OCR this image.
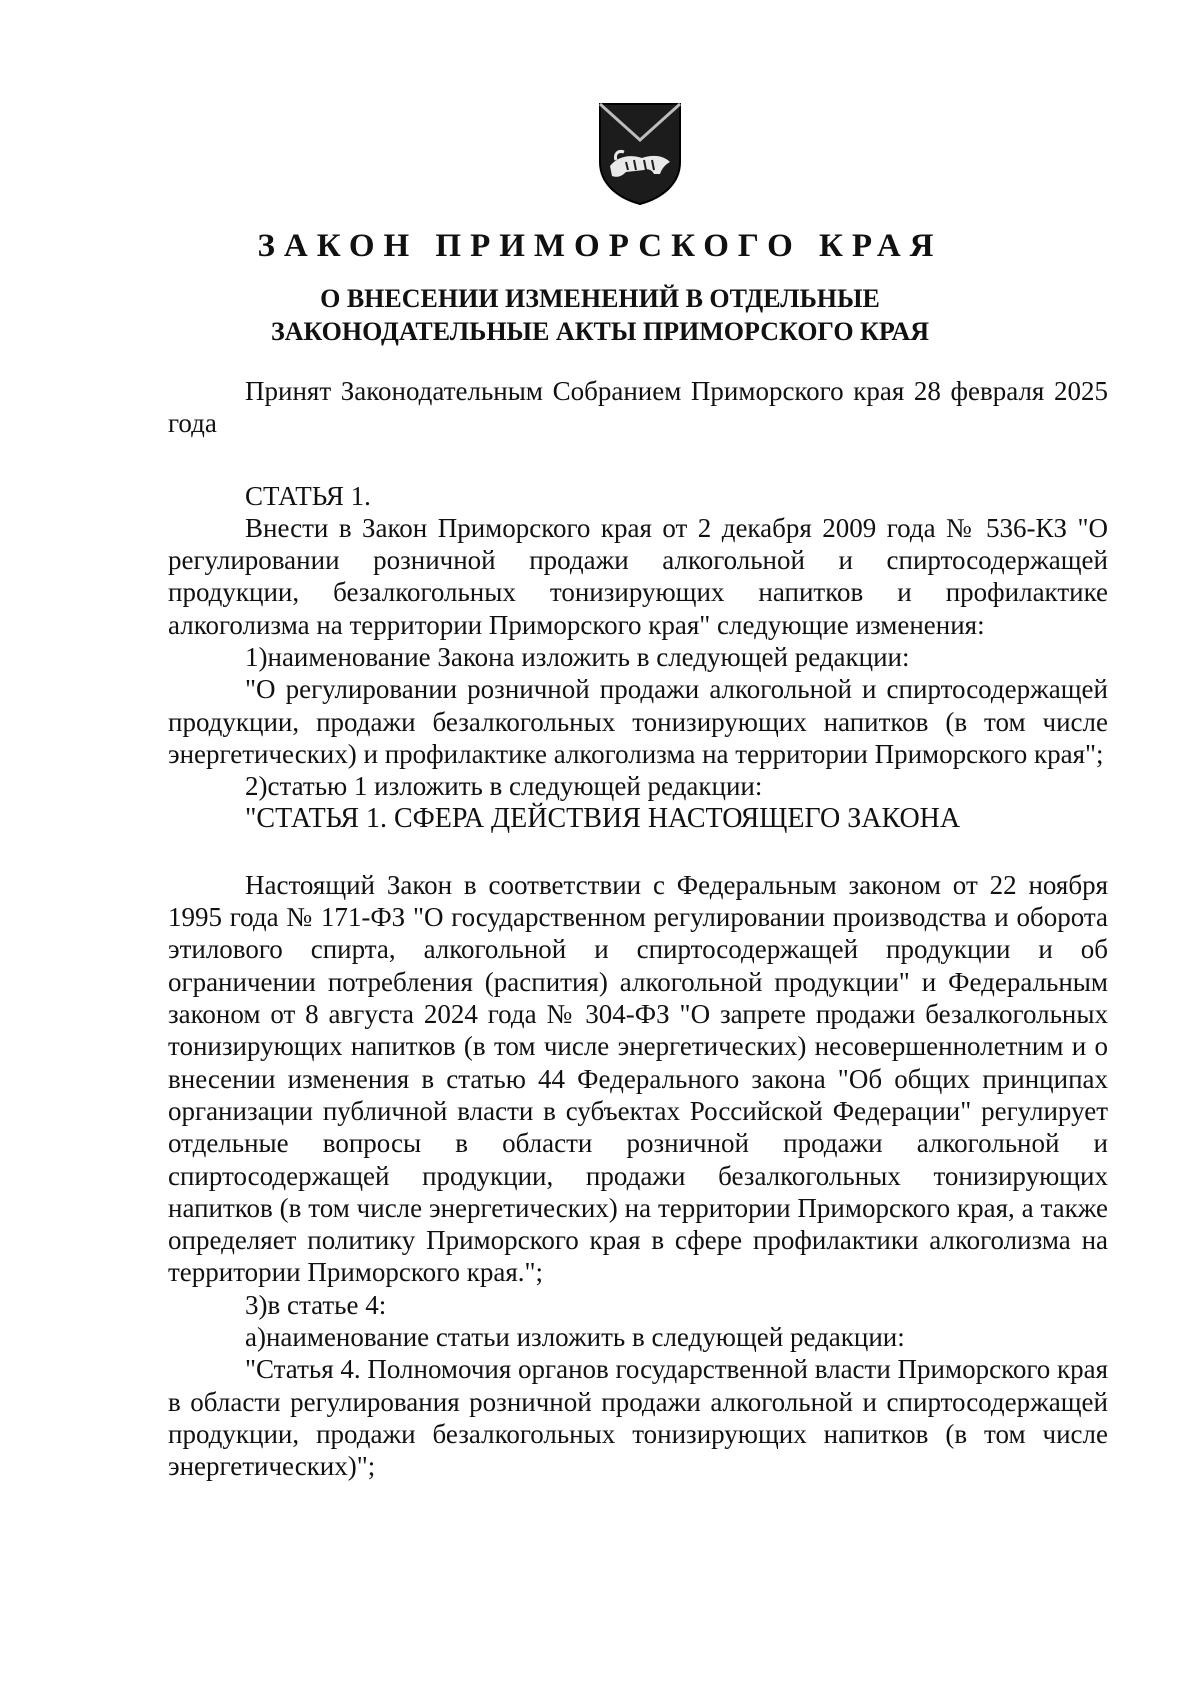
ЗАКОН ПРИМОРСКОГО КРАЯ
О ВНЕСЕНИИ ИЗМЕНЕНИЙ В ОТДЕЛЬНЫЕ
ЗАКОНОДАТЕЛЬНЫЕ АКТЫ ПРИМОРСКОГО КРАЯ

Принят Законодательным Собранием Приморского края 28 февраля 2025 года

СТАТЬЯ 1.

Внести в Закон Приморского края от 2 декабря 2009 года № 536-КЗ "О регулировании розничной продажи алкогольной и спиртосодержащей продукции, безалкогольных тонизирующих напитков и профилактике алкоголизма на территории Приморского края" следующие изменения:

1)наименование Закона изложить в следующей редакции:

"О регулировании розничной продажи алкогольной и спиртосодержащей продукции, продажи безалкогольных тонизирующих напитков (в том числе энергетических) и профилактике алкоголизма на территории Приморского края";

2)статью 1 изложить в следующей редакции:

"СТАТЬЯ 1. СФЕРА ДЕЙСТВИЯ НАСТОЯЩЕГО ЗАКОНА

Настоящий Закон в соответствии с Федеральным законом от 22 ноября 1995 года № 171-ФЗ "О государственном регулировании производства и оборота этилового спирта, алкогольной и спиртосодержащей продукции и об ограничении потребления (распития) алкогольной продукции" и Федеральным законом от 8 августа 2024 года № 304-ФЗ "О запрете продажи безалкогольных тонизирующих напитков (в том числе энергетических) несовершеннолетним и о внесении изменения в статью 44 Федерального закона "Об общих принципах организации публичной власти в субъектах Российской Федерации" регулирует отдельные вопросы в области розничной продажи алкогольной и спиртосодержащей продукции, продажи безалкогольных тонизирующих напитков (в том числе энергетических) на территории Приморского края, а также определяет политику Приморского края в сфере профилактики алкоголизма на территории Приморского края.";

3)в статье 4:

а)наименование статьи изложить в следующей редакции:

"Статья 4. Полномочия органов государственной власти Приморского края в области регулирования розничной продажи алкогольной и спиртосодержащей продукции, продажи безалкогольных тонизирующих напитков (в том числе энергетических)";
